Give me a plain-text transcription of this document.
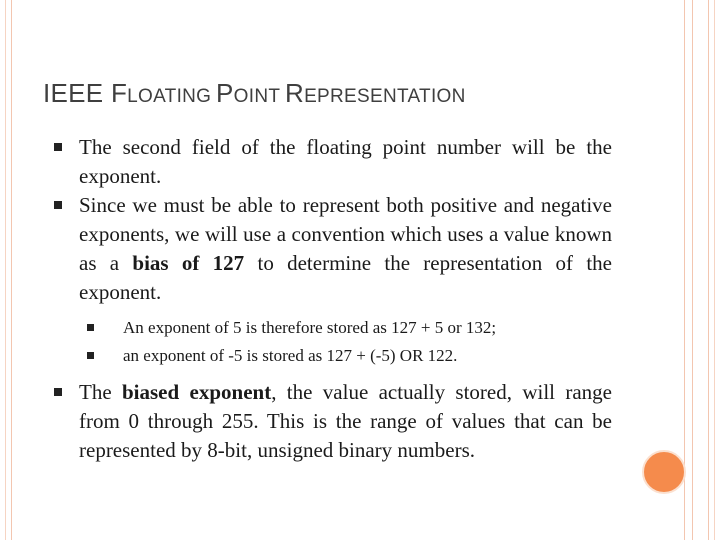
IEEE FLOATING POINT REPRESENTATION
The second field of the floating point number will be the exponent.
Since we must be able to represent both positive and negative exponents, we will use a convention which uses a value known as a bias of 127 to determine the representation of the exponent.
An exponent of 5 is therefore stored as 127 + 5 or 132;
an exponent of -5 is stored as 127 + (-5) OR 122.
The biased exponent, the value actually stored, will range from 0 through 255. This is the range of values that can be represented by 8-bit, unsigned binary numbers.
